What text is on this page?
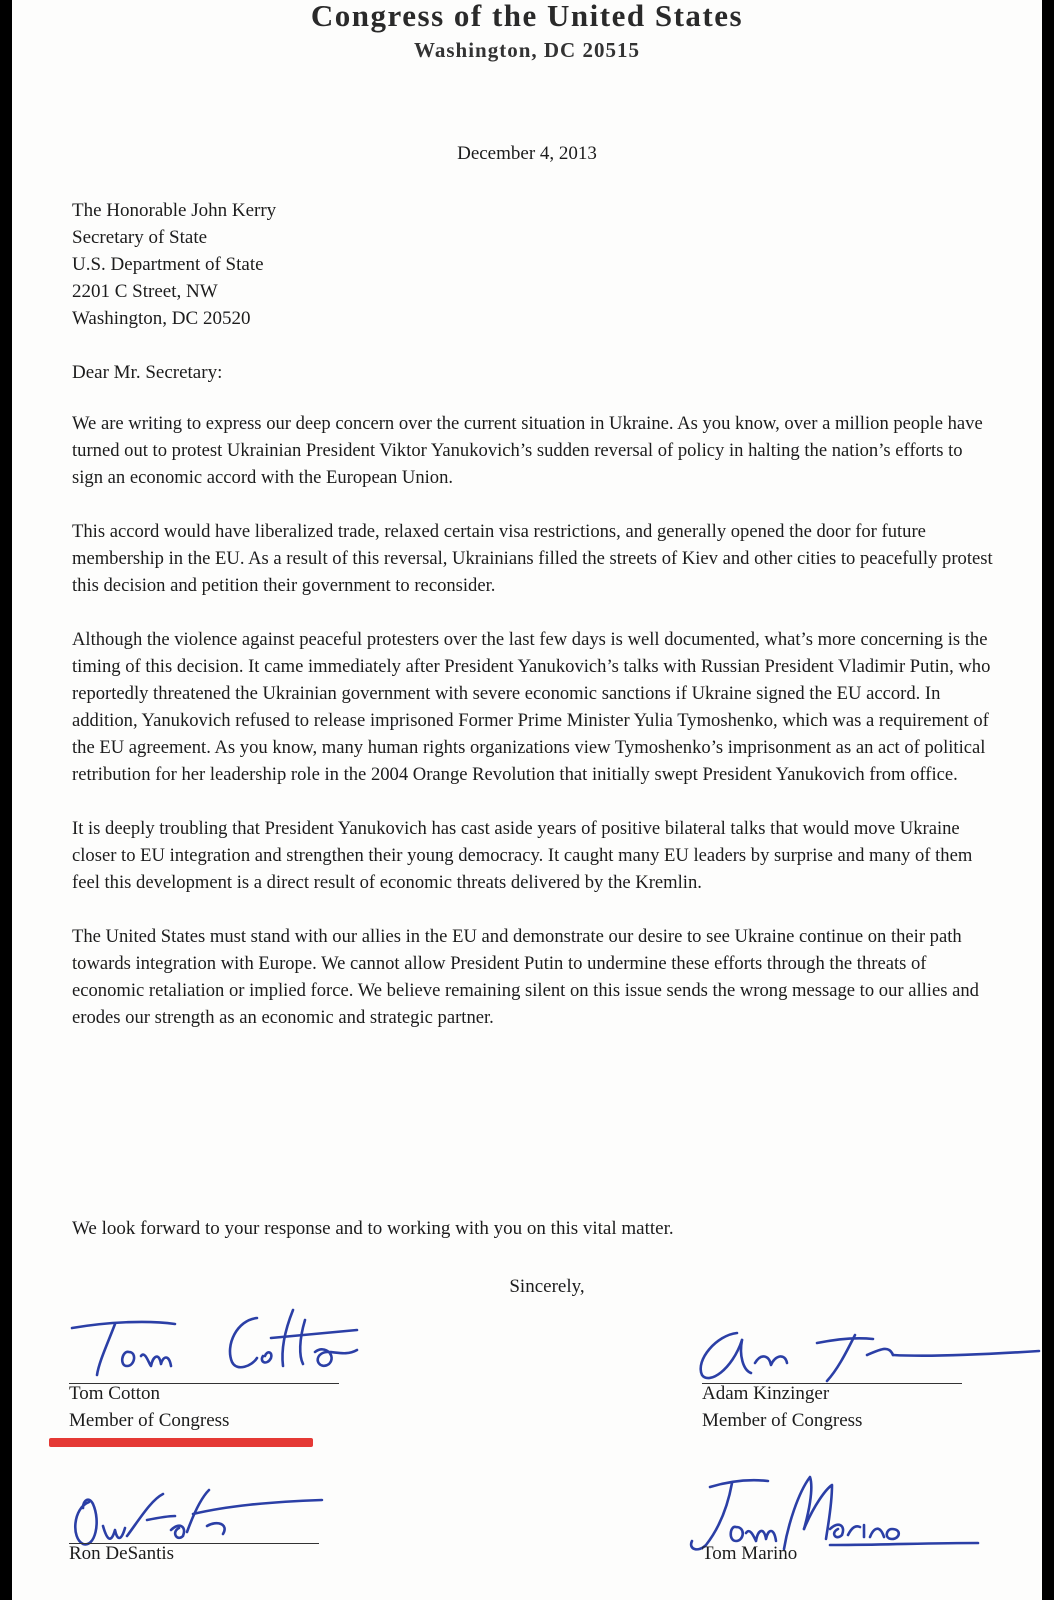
Congress of the United States
Washington, DC 20515
December 4, 2013
The Honorable John Kerry
Secretary of State
U.S. Department of State
2201 C Street, NW
Washington, DC 20520
Dear Mr. Secretary:

We are writing to express our deep concern over the current situation in Ukraine. As you know, over a million people have turned out to protest Ukrainian President Viktor Yanukovich’s sudden reversal of policy in halting the nation’s efforts to sign an economic accord with the European Union.

This accord would have liberalized trade, relaxed certain visa restrictions, and generally opened the door for future membership in the EU. As a result of this reversal, Ukrainians filled the streets of Kiev and other cities to peacefully protest this decision and petition their government to reconsider.

Although the violence against peaceful protesters over the last few days is well documented, what’s more concerning is the timing of this decision. It came immediately after President Yanukovich’s talks with Russian President Vladimir Putin, who reportedly threatened the Ukrainian government with severe economic sanctions if Ukraine signed the EU accord. In addition, Yanukovich refused to release imprisoned Former Prime Minister Yulia Tymoshenko, which was a requirement of the EU agreement. As you know, many human rights organizations view Tymoshenko’s imprisonment as an act of political retribution for her leadership role in the 2004 Orange Revolution that initially swept President Yanukovich from office.

It is deeply troubling that President Yanukovich has cast aside years of positive bilateral talks that would move Ukraine closer to EU integration and strengthen their young democracy. It caught many EU leaders by surprise and many of them feel this development is a direct result of economic threats delivered by the Kremlin.

The United States must stand with our allies in the EU and demonstrate our desire to see Ukraine continue on their path towards integration with Europe. We cannot allow President Putin to undermine these efforts through the threats of economic retaliation or implied force. We believe remaining silent on this issue sends the wrong message to our allies and erodes our strength as an economic and strategic partner.

We look forward to your response and to working with you on this vital matter.
Sincerely,
Tom Cotton
Member of Congress
Adam Kinzinger
Member of Congress
Ron DeSantis	Tom Marino
